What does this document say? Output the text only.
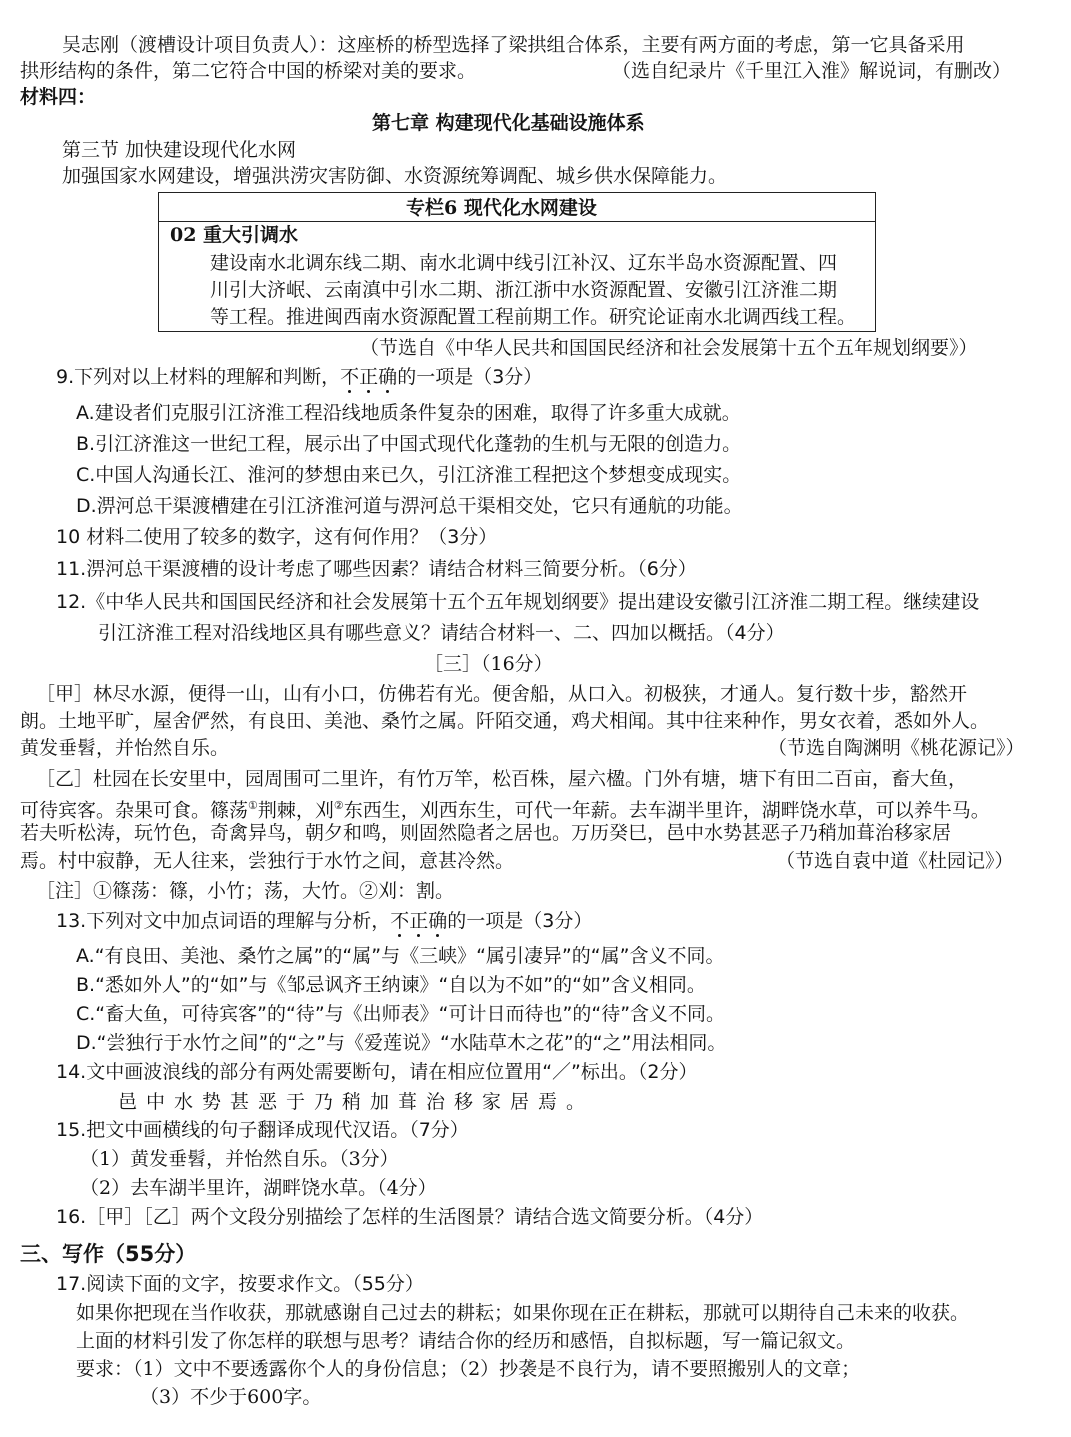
吴志刚（渡槽设计项目负责人）：这座桥的桥型选择了梁拱组合体系，主要有两方面的考虑，第一它具备采用
拱形结构的条件，第二它符合中国的桥梁对美的要求。	（选自纪录片《千里江入淮》解说词，有删改）
材料四：
第七章 构建现代化基础设施体系
第三节 加快建设现代化水网
加强国家水网建设，增强洪涝灾害防御、水资源统筹调配、城乡供水保障能力。
专栏6 现代化水网建设
02 重大引调水
建设南水北调东线二期、南水北调中线引江补汉、辽东半岛水资源配置、四
川引大济岷、云南滇中引水二期、浙江浙中水资源配置、安徽引江济淮二期
等工程。推进闽西南水资源配置工程前期工作。研究论证南水北调西线工程。
（节选自《中华人民共和国国民经济和社会发展第十五个五年规划纲要》）
9.下列对以上材料的理解和判断，不正确的一项是（3分）
A.建设者们克服引江济淮工程沿线地质条件复杂的困难，取得了许多重大成就。
B.引江济淮这一世纪工程，展示出了中国式现代化蓬勃的生机与无限的创造力。
C.中国人沟通长江、淮河的梦想由来已久，引江济淮工程把这个梦想变成现实。
D.淠河总干渠渡槽建在引江济淮河道与淠河总干渠相交处，它只有通航的功能。
10 材料二使用了较多的数字，这有何作用？（3分）
11.淠河总干渠渡槽的设计考虑了哪些因素？请结合材料三简要分析。（6分）
12.《中华人民共和国国民经济和社会发展第十五个五年规划纲要》提出建设安徽引江济淮二期工程。继续建设
引江济淮工程对沿线地区具有哪些意义？请结合材料一、二、四加以概括。（4分）
［三］（16分）
［甲］林尽水源，便得一山，山有小口，仿佛若有光。便舍船，从口入。初极狭，才通人。复行数十步，豁然开
朗。土地平旷，屋舍俨然，有良田、美池、桑竹之属。阡陌交通，鸡犬相闻。其中往来种作，男女衣着，悉如外人。
黄发垂髫，并怡然自乐。	（节选自陶渊明《桃花源记》）
［乙］杜园在长安里中，园周围可二里许，有竹万竿，松百株，屋六楹。门外有塘，塘下有田二百亩，畜大鱼，
可待宾客。杂果可食。篠荡①荆棘，刈②东西生，刈西东生，可代一年薪。去车湖半里许，湖畔饶水草，可以养牛马。
若夫听松涛，玩竹色，奇禽异鸟，朝夕和鸣，则固然隐者之居也。万历癸巳，邑中水势甚恶子乃稍加葺治移家居
焉。村中寂静，无人往来，尝独行于水竹之间，意甚冷然。	（节选自袁中道《杜园记》）
［注］①篠荡：篠，小竹；荡，大竹。②刈：割。
13.下列对文中加点词语的理解与分析，不正确的一项是（3分）
A.“有良田、美池、桑竹之属”的“属”与《三峡》“属引凄异”的“属”含义不同。
B.“悉如外人”的“如”与《邹忌讽齐王纳谏》“自以为不如”的“如”含义相同。
C.“畜大鱼，可待宾客”的“待”与《出师表》“可计日而待也”的“待”含义不同。
D.“尝独行于水竹之间”的“之”与《爱莲说》“水陆草木之花”的“之”用法相同。
14.文中画波浪线的部分有两处需要断句，请在相应位置用“／”标出。（2分）
邑中水势甚恶于乃稍加葺治移家居焉。
15.把文中画横线的句子翻译成现代汉语。（7分）
（1）黄发垂髫，并怡然自乐。（3分）
（2）去车湖半里许，湖畔饶水草。（4分）
16.［甲］［乙］两个文段分别描绘了怎样的生活图景？请结合选文简要分析。（4分）
三、写作（55分）
17.阅读下面的文字，按要求作文。（55分）
如果你把现在当作收获，那就感谢自己过去的耕耘；如果你现在正在耕耘，那就可以期待自己未来的收获。
上面的材料引发了你怎样的联想与思考？请结合你的经历和感悟，自拟标题，写一篇记叙文。
要求：（1）文中不要透露你个人的身份信息；（2）抄袭是不良行为，请不要照搬别人的文章；
（3）不少于600字。
